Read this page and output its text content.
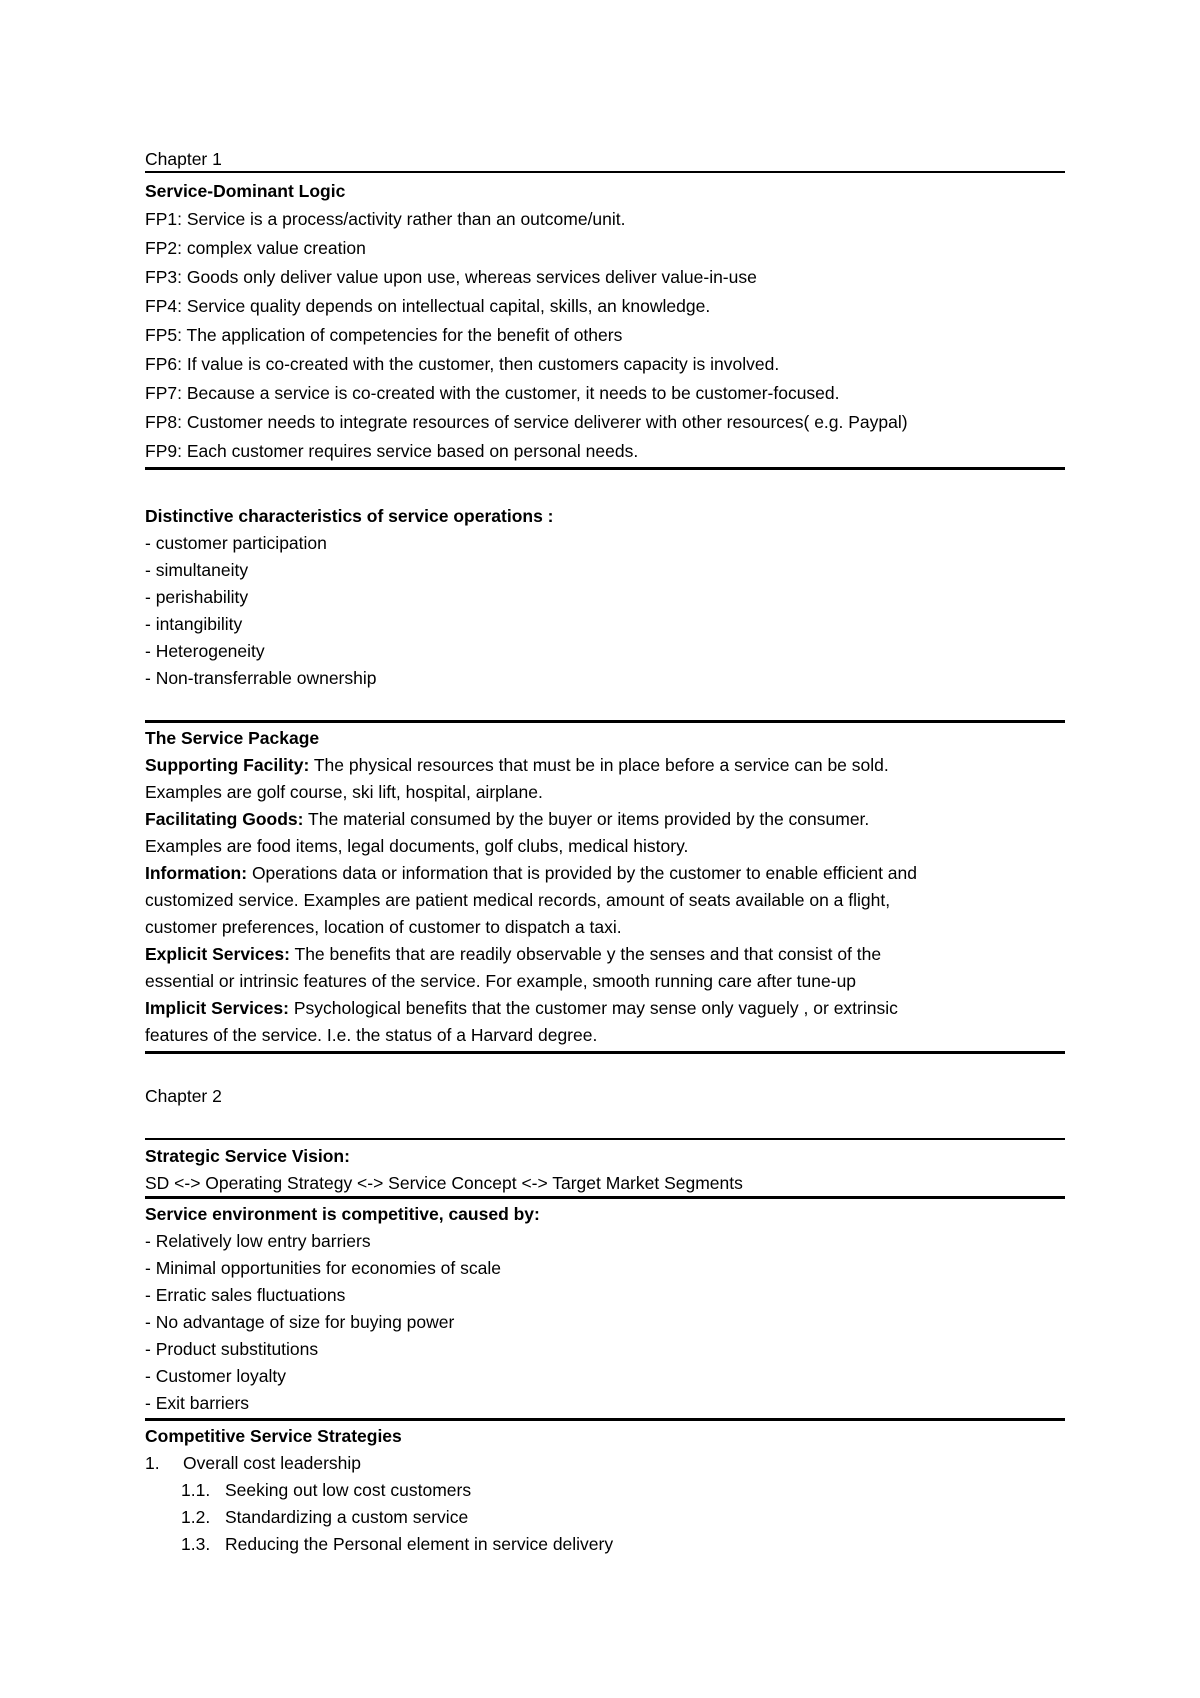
Chapter 1
Service-Dominant Logic
FP1: Service is a process/activity rather than an outcome/unit.
FP2: complex value creation
FP3: Goods only deliver value upon use, whereas services deliver value-in-use
FP4: Service quality depends on intellectual capital, skills, an knowledge.
FP5: The application of competencies for the benefit of others
FP6: If value is co-created with the customer, then customers capacity is involved.
FP7: Because a service is co-created with the customer, it needs to be customer-focused.
FP8: Customer needs to integrate resources of service deliverer with other resources( e.g. Paypal)
FP9: Each customer requires service based on personal needs.
Distinctive characteristics of service operations :
- customer participation
- simultaneity
- perishability
- intangibility
- Heterogeneity
- Non-transferrable ownership
The Service Package
Supporting Facility: The physical resources that must be in place before a service can be sold.
Examples are golf course, ski lift, hospital, airplane.
Facilitating Goods: The material consumed by the buyer or items provided by the consumer.
Examples are food items, legal documents, golf clubs, medical history.
Information: Operations data or information that is provided by the customer to enable efficient and
customized service. Examples are patient medical records, amount of seats available on a flight,
customer preferences, location of customer to dispatch a taxi.
Explicit Services: The benefits that are readily observable y the senses and that consist of the
essential or intrinsic features of the service. For example, smooth running care after tune-up
Implicit Services: Psychological benefits that the customer may sense only vaguely , or extrinsic
features of the service. I.e. the status of a Harvard degree.
Chapter 2
Strategic Service Vision:
SD <-> Operating Strategy <-> Service Concept <-> Target Market Segments
Service environment is competitive, caused by:
- Relatively low entry barriers
- Minimal opportunities for economies of scale
- Erratic sales fluctuations
- No advantage of size for buying power
- Product substitutions
- Customer loyalty
- Exit barriers
Competitive Service Strategies
1. Overall cost leadership
1.1. Seeking out low cost customers
1.2. Standardizing a custom service
1.3. Reducing the Personal element in service delivery
